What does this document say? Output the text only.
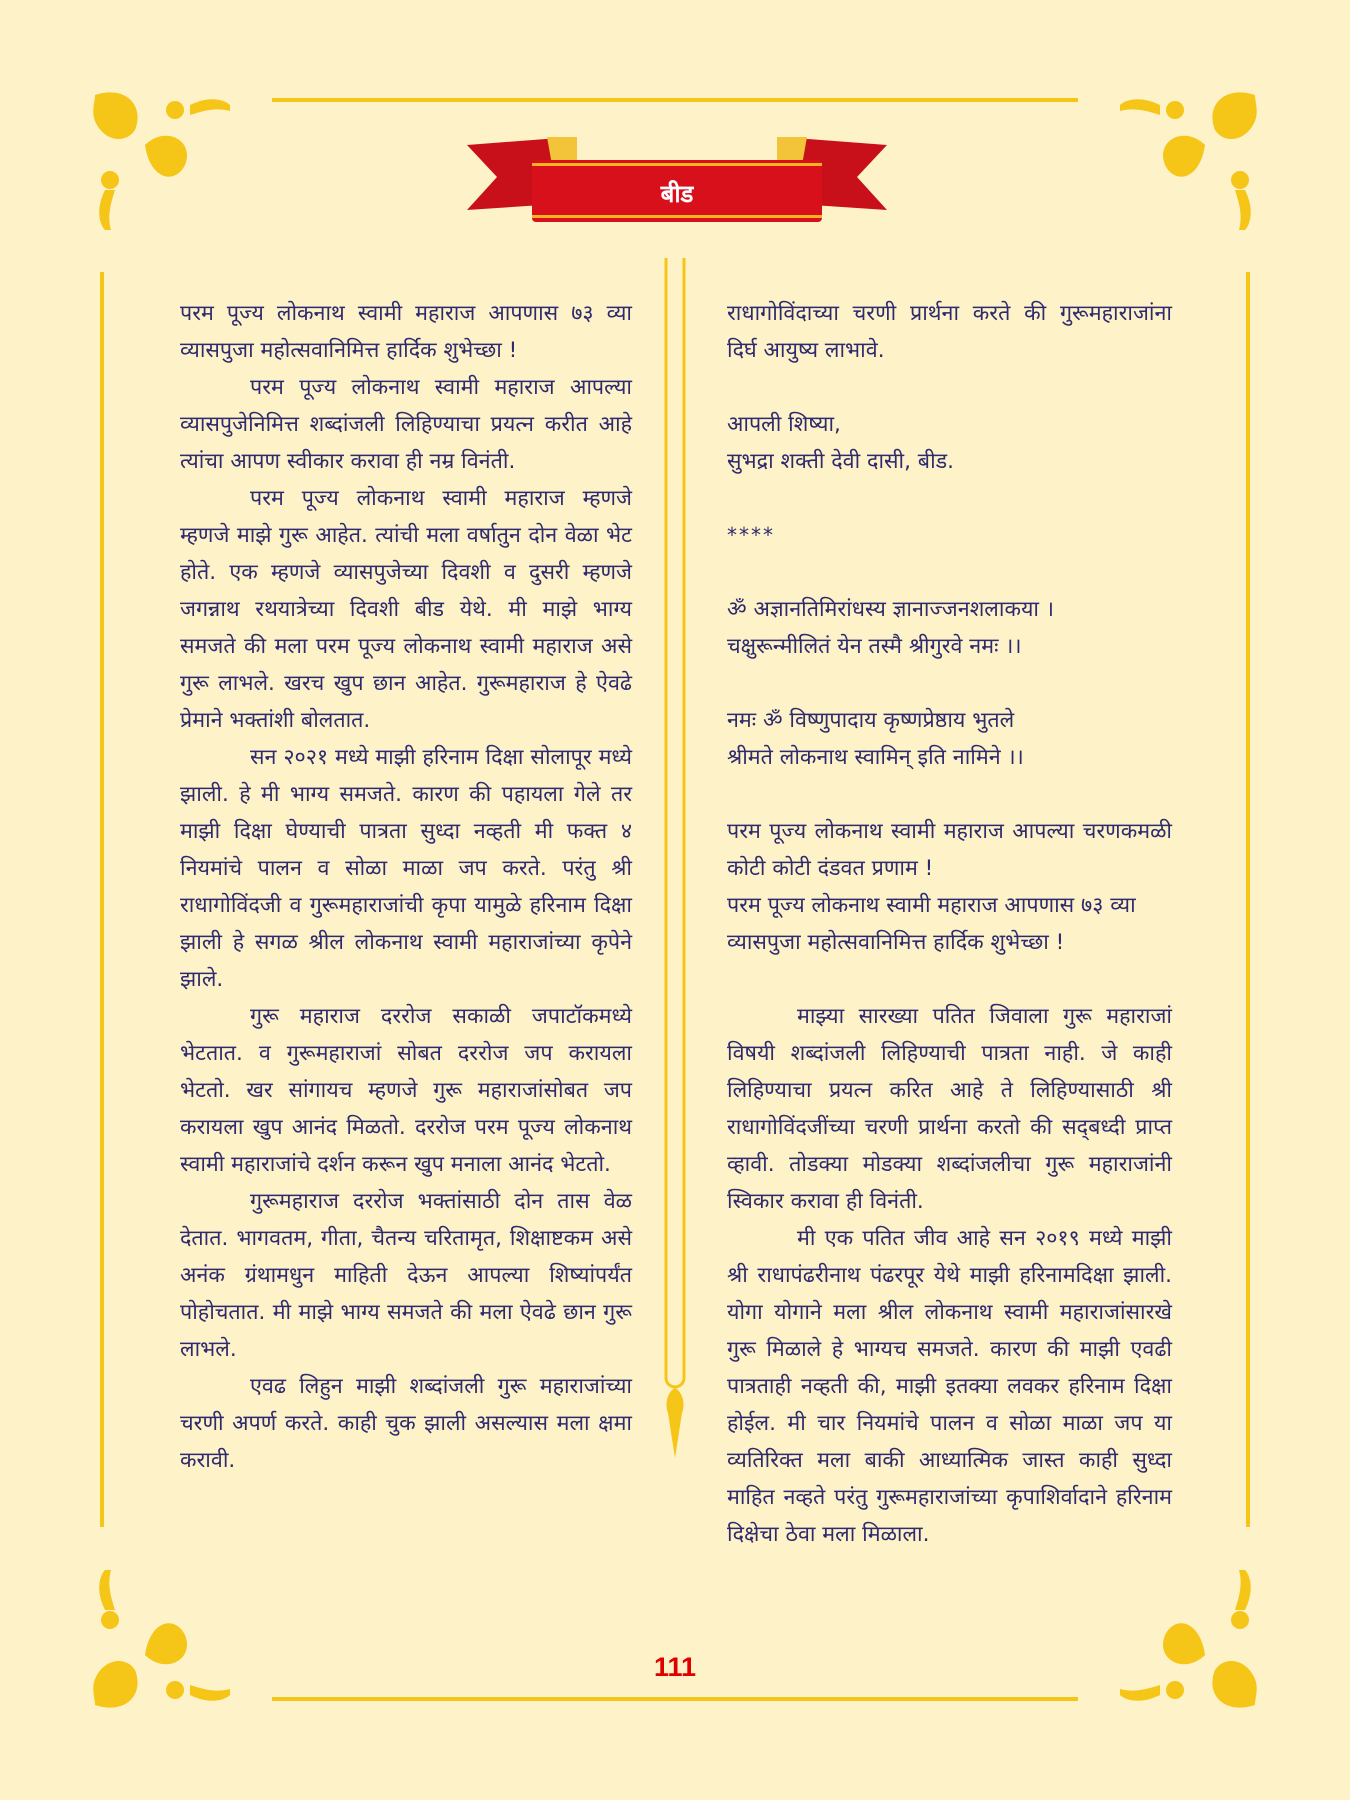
बीड

परम पूज्य लोकनाथ स्वामी महाराज आपणास ७३ व्या व्यासपुजा महोत्सवानिमित्त हार्दिक शुभेच्छा !

परम पूज्य लोकनाथ स्वामी महाराज आपल्या व्यासपुजेनिमित्त शब्दांजली लिहिण्याचा प्रयत्न करीत आहे त्यांचा आपण स्वीकार करावा ही नम्र विनंती.

परम पूज्य लोकनाथ स्वामी महाराज म्हणजे म्हणजे माझे गुरू आहेत. त्यांची मला वर्षातुन दोन वेळा भेट होते. एक म्हणजे व्यासपुजेच्या दिवशी व दुसरी म्हणजे जगन्नाथ रथयात्रेच्या दिवशी बीड येथे. मी माझे भाग्य समजते की मला परम पूज्य लोकनाथ स्वामी महाराज असे गुरू लाभले. खरच खुप छान आहेत. गुरूमहाराज हे ऐवढे प्रेमाने भक्तांशी बोलतात.

सन २०२१ मध्ये माझी हरिनाम दिक्षा सोलापूर मध्ये झाली. हे मी भाग्य समजते. कारण की पहायला गेले तर माझी दिक्षा घेण्याची पात्रता सुध्दा नव्हती मी फक्त ४ नियमांचे पालन व सोळा माळा जप करते. परंतु श्री राधागोविंदजी व गुरूमहाराजांची कृपा यामुळे हरिनाम दिक्षा झाली हे सगळ श्रील लोकनाथ स्वामी महाराजांच्या कृपेने झाले.

गुरू महाराज दररोज सकाळी जपाटॉकमध्ये भेटतात. व गुरूमहाराजां सोबत दररोज जप करायला भेटतो. खर सांगायच म्हणजे गुरू महाराजांसोबत जप करायला खुप आनंद मिळतो. दररोज परम पूज्य लोकनाथ स्वामी महाराजांचे दर्शन करून खुप मनाला आनंद भेटतो.

गुरूमहाराज दररोज भक्तांसाठी दोन तास वेळ देतात. भागवतम, गीता, चैतन्य चरितामृत, शिक्षाष्टकम असे अनंक ग्रंथामधुन माहिती देऊन आपल्या शिष्यांपर्यंत पोहोचतात. मी माझे भाग्य समजते की मला ऐवढे छान गुरू लाभले.

एवढ लिहुन माझी शब्दांजली गुरू महाराजांच्या चरणी अपर्ण करते. काही चुक झाली असल्यास मला क्षमा करावी.

राधागोविंदाच्या चरणी प्रार्थना करते की गुरूमहाराजांना दिर्घ आयुष्य लाभावे.

आपली शिष्या,

सुभद्रा शक्ती देवी दासी, बीड.

****

ॐ अज्ञानतिमिरांधस्य ज्ञानाज्जनशलाकया ।

चक्षुरून्मीलितं येन तस्मै श्रीगुरवे नमः ।।

नमः ॐ विष्णुपादाय कृष्णप्रेष्ठाय भुतले

श्रीमते लोकनाथ स्वामिन् इति नामिने ।।

परम पूज्य लोकनाथ स्वामी महाराज आपल्या चरणकमळी कोटी कोटी दंडवत प्रणाम !

परम पूज्य लोकनाथ स्वामी महाराज आपणास ७३ व्या व्यासपुजा महोत्सवानिमित्त हार्दिक शुभेच्छा !

माझ्या सारख्या पतित जिवाला गुरू महाराजां विषयी शब्दांजली लिहिण्याची पात्रता नाही. जे काही लिहिण्याचा प्रयत्न करित आहे ते लिहिण्यासाठी श्री राधागोविंदजींच्या चरणी प्रार्थना करतो की सद्‌बध्दी प्राप्त व्हावी. तोडक्या मोडक्या शब्दांजलीचा गुरू महाराजांनी स्विकार करावा ही विनंती.

मी एक पतित जीव आहे सन २०१९ मध्ये माझी श्री राधापंढरीनाथ पंढरपूर येथे माझी हरिनामदिक्षा झाली. योगा योगाने मला श्रील लोकनाथ स्वामी महाराजांसारखे गुरू मिळाले हे भाग्यच समजते. कारण की माझी एवढी पात्रताही नव्हती की, माझी इतक्या लवकर हरिनाम दिक्षा होईल. मी चार नियमांचे पालन व सोळा माळा जप या व्यतिरिक्त मला बाकी आध्यात्मिक जास्त काही सुध्दा माहित नव्हते परंतु गुरूमहाराजांच्या कृपाशिर्वादाने हरिनाम दिक्षेचा ठेवा मला मिळाला.

111
